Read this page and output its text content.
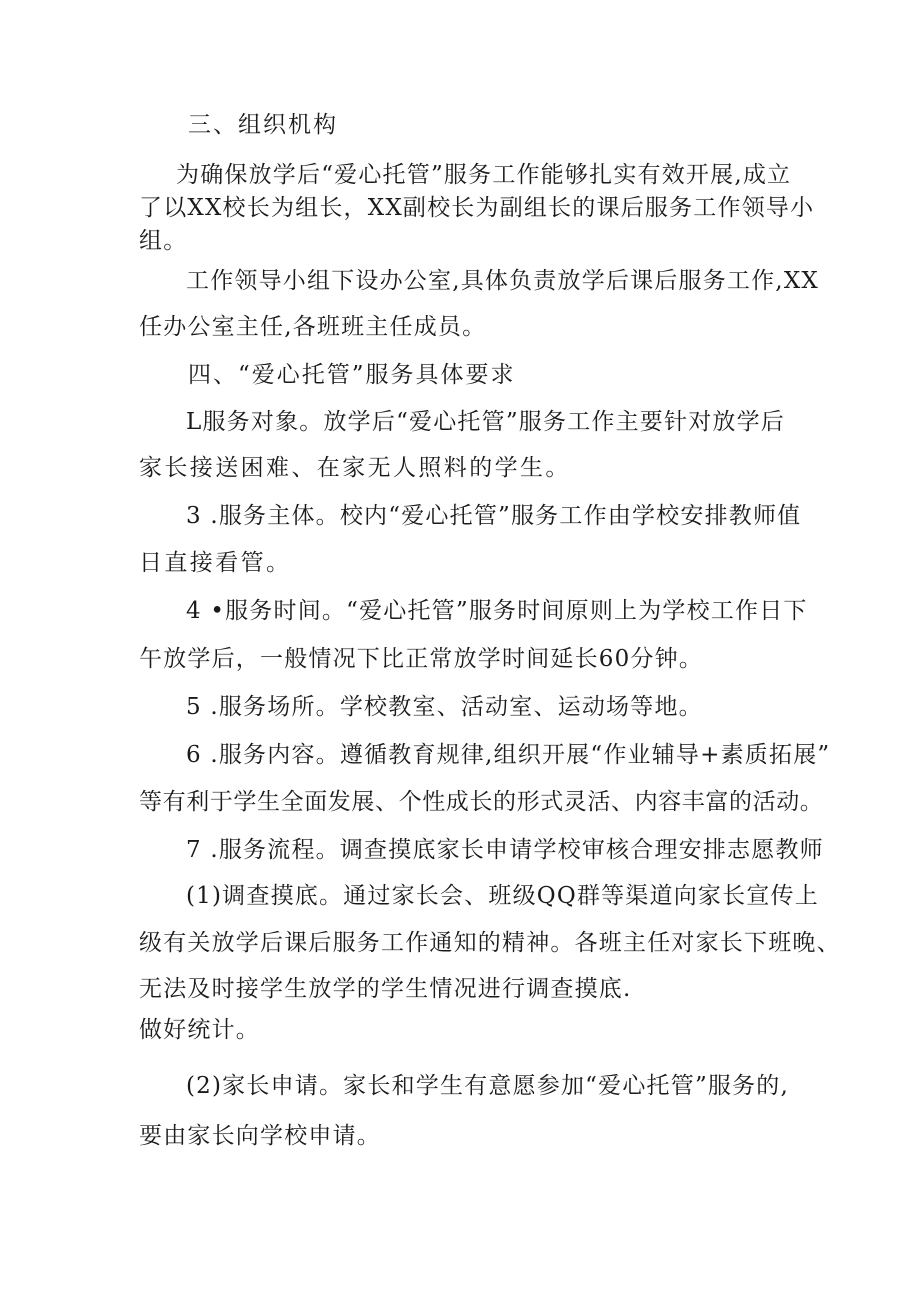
三、组织机构

为确保放学后“爱心托管”服务工作能够扎实有效开展,成立

了以XX校长为组长，XX副校长为副组长的课后服务工作领导小

组。

工作领导小组下设办公室,具体负责放学后课后服务工作,XX

任办公室主任,各班班主任成员。

四、“爱心托管”服务具体要求

L服务对象。放学后“爱心托管”服务工作主要针对放学后

家长接送困难、在家无人照料的学生。

3 .服务主体。校内“爱心托管”服务工作由学校安排教师值

日直接看管。

4 •服务时间。“爱心托管”服务时间原则上为学校工作日下

午放学后，一般情况下比正常放学时间延长60分钟。

5 .服务场所。学校教室、活动室、运动场等地。

6 .服务内容。遵循教育规律,组织开展“作业辅导+素质拓展”

等有利于学生全面发展、个性成长的形式灵活、内容丰富的活动。

7 .服务流程。调查摸底家长申请学校审核合理安排志愿教师

(1)调查摸底。通过家长会、班级QQ群等渠道向家长宣传上

级有关放学后课后服务工作通知的精神。各班主任对家长下班晚、

无法及时接学生放学的学生情况进行调查摸底.

做好统计。

(2)家长申请。家长和学生有意愿参加“爱心托管”服务的,

要由家长向学校申请。
